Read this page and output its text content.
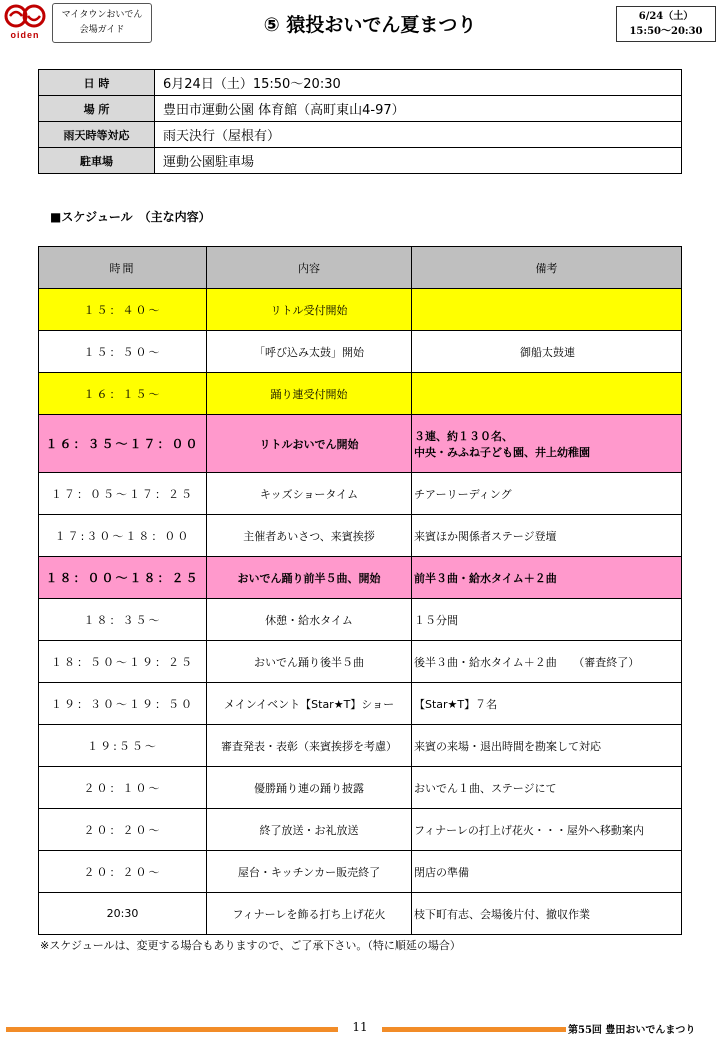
oiden
マイタウンおいでん
会場ガイド	⑤ 猿投おいでん夏まつり	6/24（土）
15:50〜20:30
日 時	6月24日（土）15:50〜20:30
場 所	豊田市運動公園 体育館（高町東山4-97）
雨天時等対応	雨天決行（屋根有）
駐車場	運動公園駐車場
■スケジュール　（主な内容）
時間	内容	備考
１５：４０〜	リトル受付開始	
１５：５０〜	「呼び込み太鼓」開始	御船太鼓連
１６：１５〜	踊り連受付開始	
１６：３５〜１７：００	リトルおいでん開始	３連、約１３０名、
中央・みふね子ども園、井上幼稚園

１７：０５〜１７：２５	キッズショータイム	チアーリーディング
１７:３０〜１８：００	主催者あいさつ、来賓挨拶	来賓ほか関係者ステージ登壇
１８：００〜１８：２５	おいでん踊り前半５曲、開始	前半３曲・給水タイム＋２曲
１８：３５〜	休憩・給水タイム	１５分間
１８：５０〜１９：２５	おいでん踊り後半５曲	後半３曲・給水タイム＋２曲　　（審査終了）
１９：３０〜１９：５０	メインイベント【Star★T】ショー	【Star★T】７名
１９:５５〜	審査発表・表彰（来賓挨拶を考慮）	来賓の来場・退出時間を勘案して対応
２０：１０〜	優勝踊り連の踊り披露	おいでん１曲、ステージにて
２０：２０〜	終了放送・お礼放送	フィナーレの打上げ花火・・・屋外へ移動案内
２０：２０〜	屋台・キッチンカー販売終了	閉店の準備
20:30	フィナーレを飾る打ち上げ花火	枝下町有志、会場後片付、撤収作業
※スケジュールは、変更する場合もありますので、ご了承下さい。（特に順延の場合）
11	第55回 豊田おいでんまつり
